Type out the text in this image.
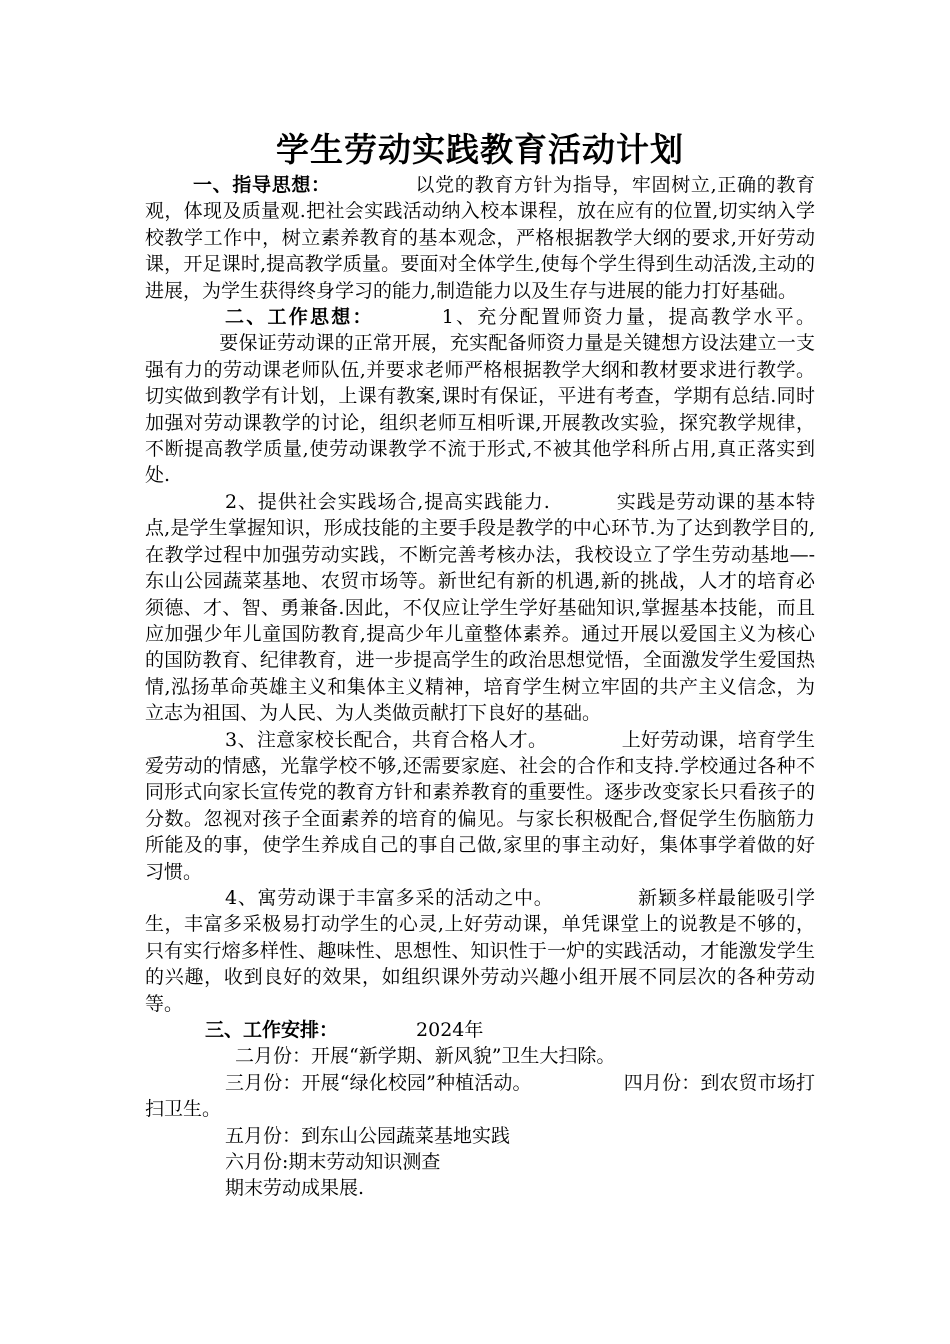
学生劳动实践教育活动计划

一、指导思想：	以党的教育方针为指导，牢固树立,正确的教育观，体现及质量观.把社会实践活动纳入校本课程，放在应有的位置,切实纳入学校教学工作中，树立素养教育的基本观念，严格根据教学大纲的要求,开好劳动课，开足课时,提高教学质量。要面对全体学生,使每个学生得到生动活泼,主动的进展，为学生获得终身学习的能力,制造能力以及生存与进展的能力打好基础。

二、工作思想：	1、充分配置师资力量，提高教学水平。要保证劳动课的正常开展，充实配备师资力量是关键想方设法建立一支强有力的劳动课老师队伍,并要求老师严格根据教学大纲和教材要求进行教学。切实做到教学有计划，上课有教案,课时有保证，平进有考查，学期有总结.同时加强对劳动课教学的讨论，组织老师互相听课,开展教改实验，探究教学规律，不断提高教学质量,使劳动课教学不流于形式,不被其他学科所占用,真正落实到处.

2、提供社会实践场合,提高实践能力.	实践是劳动课的基本特点,是学生掌握知识，形成技能的主要手段是教学的中心环节.为了达到教学目的,在教学过程中加强劳动实践，不断完善考核办法，我校设立了学生劳动基地—-东山公园蔬菜基地、农贸市场等。新世纪有新的机遇,新的挑战，人才的培育必须德、才、智、勇兼备.因此，不仅应让学生学好基础知识,掌握基本技能，而且应加强少年儿童国防教育,提高少年儿童整体素养。通过开展以爱国主义为核心的国防教育、纪律教育，进一步提高学生的政治思想觉悟，全面激发学生爱国热情,泓扬革命英雄主义和集体主义精神，培育学生树立牢固的共产主义信念，为立志为祖国、为人民、为人类做贡献打下良好的基础。

3、注意家校长配合，共育合格人才。	上好劳动课，培育学生爱劳动的情感，光靠学校不够,还需要家庭、社会的合作和支持.学校通过各种不同形式向家长宣传党的教育方针和素养教育的重要性。逐步改变家长只看孩子的分数。忽视对孩子全面素养的培育的偏见。与家长积极配合,督促学生伤脑筋力所能及的事，使学生养成自己的事自己做,家里的事主动好，集体事学着做的好习惯。

4、寓劳动课于丰富多采的活动之中。	新颖多样最能吸引学生，丰富多采极易打动学生的心灵,上好劳动课，单凭课堂上的说教是不够的，只有实行熔多样性、趣味性、思想性、知识性于一炉的实践活动，才能激发学生的兴趣，收到良好的效果，如组织课外劳动兴趣小组开展不同层次的各种劳动等。

三、工作安排：	2024年

二月份：开展“新学期、新风貌”卫生大扫除。

三月份：开展“绿化校园”种植活动。	四月份：到农贸市场打扫卫生。

五月份：到东山公园蔬菜基地实践

六月份:期末劳动知识测查

期末劳动成果展.
